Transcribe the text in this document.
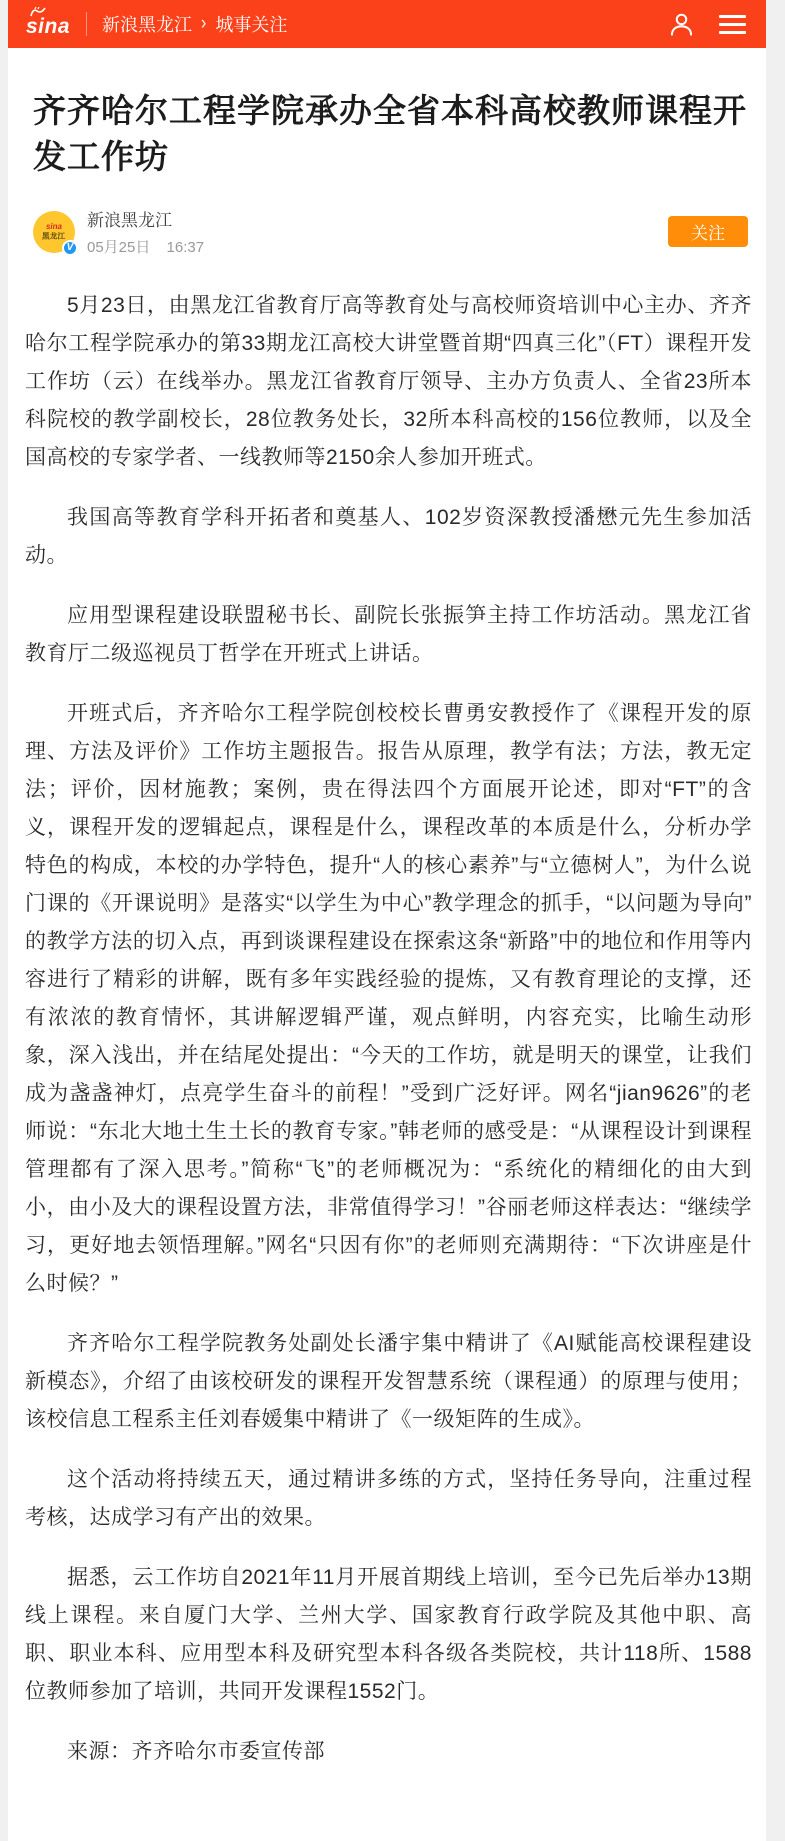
sina 新浪黑龙江 › 城事关注
齐齐哈尔工程学院承办全省本科高校教师课程开发工作坊
sina
黑龙江
V
新浪黑龙江
05月25日 16:37
关注

5月23日，由黑龙江省教育厅高等教育处与高校师资培训中心主办、齐齐哈尔工程学院承办的第33期龙江高校大讲堂暨首期“四真三化”（FT）课程开发工作坊（云）在线举办。黑龙江省教育厅领导、主办方负责人、全省23所本科院校的教学副校长，28位教务处长，32所本科高校的156位教师，以及全国高校的专家学者、一线教师等2150余人参加开班式。

我国高等教育学科开拓者和奠基人、102岁资深教授潘懋元先生参加活动。

应用型课程建设联盟秘书长、副院长张振笋主持工作坊活动。黑龙江省教育厅二级巡视员丁哲学在开班式上讲话。

开班式后，齐齐哈尔工程学院创校校长曹勇安教授作了《课程开发的原理、方法及评价》工作坊主题报告。报告从原理，教学有法；方法，教无定法；评价，因材施教；案例，贵在得法四个方面展开论述，即对“FT”的含义，课程开发的逻辑起点，课程是什么，课程改革的本质是什么，分析办学特色的构成，本校的办学特色，提升“人的核心素养”与“立德树人”，为什么说门课的《开课说明》是落实“以学生为中心”教学理念的抓手，“以问题为导向”的教学方法的切入点，再到谈课程建设在探索这条“新路”中的地位和作用等内容进行了精彩的讲解，既有多年实践经验的提炼，又有教育理论的支撑，还有浓浓的教育情怀，其讲解逻辑严谨，观点鲜明，内容充实，比喻生动形象，深入浅出，并在结尾处提出：“今天的工作坊，就是明天的课堂，让我们成为盏盏神灯，点亮学生奋斗的前程！”受到广泛好评。网名“jian9626”的老师说：“东北大地土生土长的教育专家。”韩老师的感受是：“从课程设计到课程管理都有了深入思考。”简称“飞”的老师概况为：“系统化的精细化的由大到小，由小及大的课程设置方法，非常值得学习！”谷丽老师这样表达：“继续学习，更好地去领悟理解。”网名“只因有你”的老师则充满期待：“下次讲座是什么时候？”

齐齐哈尔工程学院教务处副处长潘宇集中精讲了《AI赋能高校课程建设新模态》，介绍了由该校研发的课程开发智慧系统（课程通）的原理与使用；该校信息工程系主任刘春媛集中精讲了《一级矩阵的生成》。

这个活动将持续五天，通过精讲多练的方式，坚持任务导向，注重过程考核，达成学习有产出的效果。

据悉，云工作坊自2021年11月开展首期线上培训，至今已先后举办13期线上课程。来自厦门大学、兰州大学、国家教育行政学院及其他中职、高职、职业本科、应用型本科及研究型本科各级各类院校，共计118所、1588位教师参加了培训，共同开发课程1552门。

来源：齐齐哈尔市委宣传部
